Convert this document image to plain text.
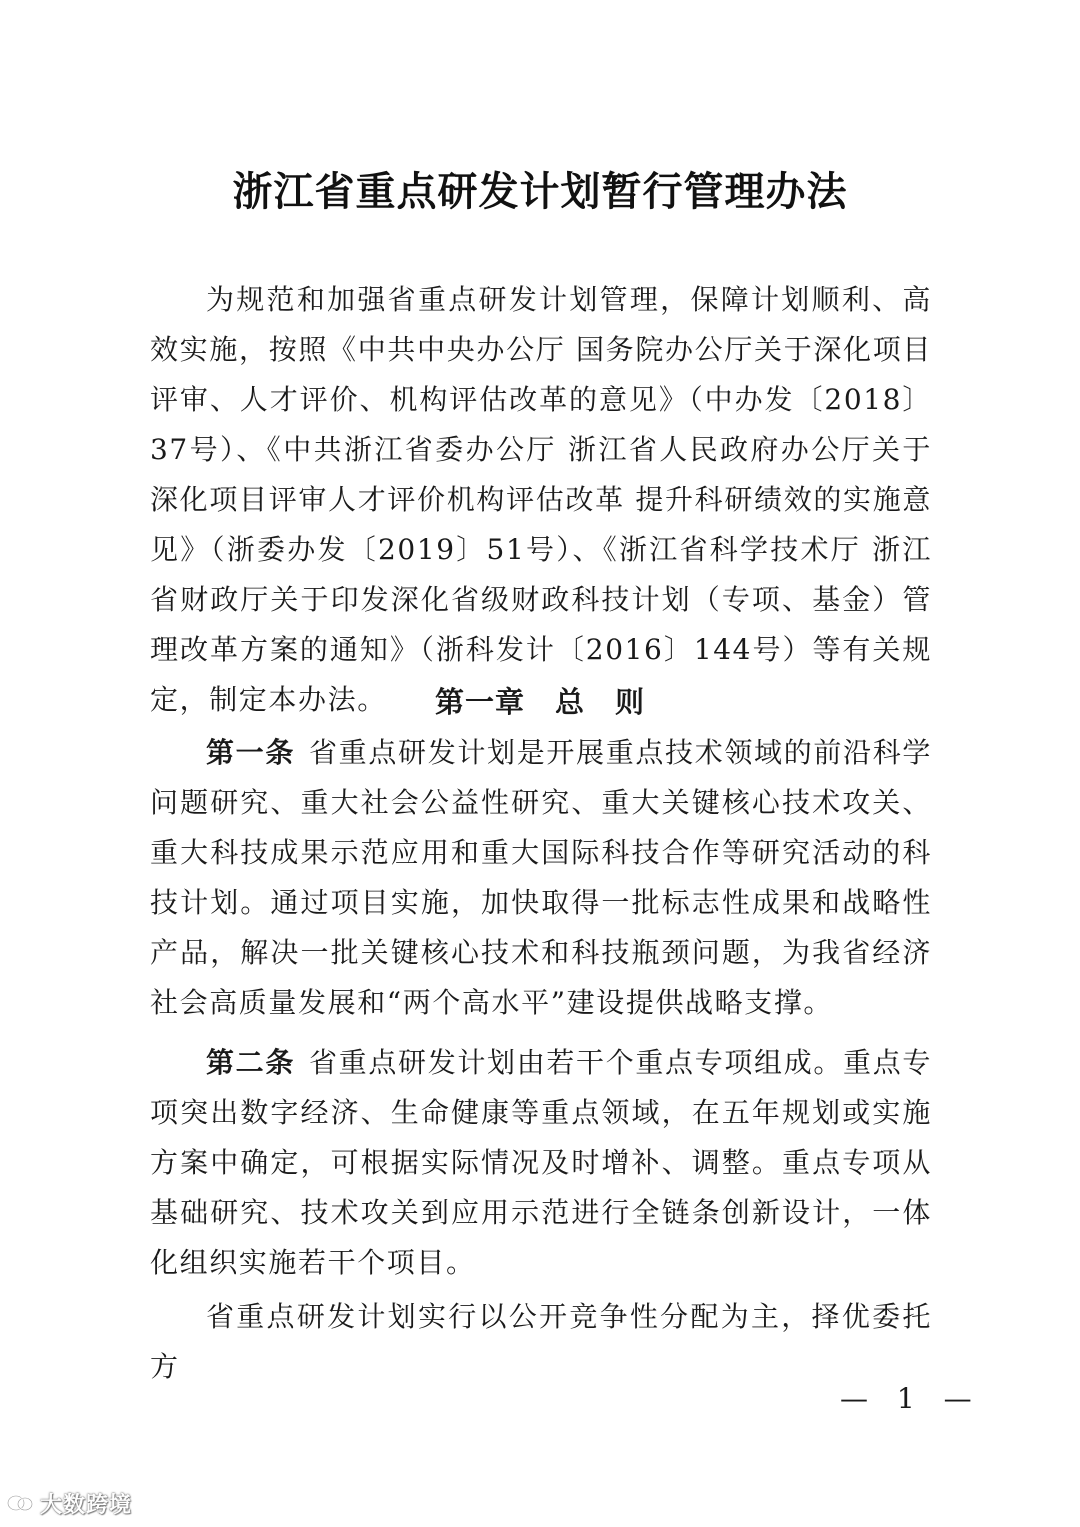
浙江省重点研发计划暂行管理办法

为规范和加强省重点研发计划管理，保障计划顺利、高效实施，按照《中共中央办公厅 国务院办公厅关于深化项目评审、人才评价、机构评估改革的意见》（中办发〔2018〕37号）、《中共浙江省委办公厅 浙江省人民政府办公厅关于深化项目评审人才评价机构评估改革 提升科研绩效的实施意见》（浙委办发〔2019〕51号）、《浙江省科学技术厅 浙江省财政厅关于印发深化省级财政科技计划（专项、基金）管理改革方案的通知》（浙科发计〔2016〕144号）等有关规定，制定本办法。	第一章　总　则

第一条 省重点研发计划是开展重点技术领域的前沿科学问题研究、重大社会公益性研究、重大关键核心技术攻关、重大科技成果示范应用和重大国际科技合作等研究活动的科技计划。通过项目实施，加快取得一批标志性成果和战略性产品，解决一批关键核心技术和科技瓶颈问题，为我省经济社会高质量发展和“两个高水平”建设提供战略支撑。

第二条 省重点研发计划由若干个重点专项组成。重点专项突出数字经济、生命健康等重点领域，在五年规划或实施方案中确定，可根据实际情况及时增补、调整。重点专项从基础研究、技术攻关到应用示范进行全链条创新设计，一体化组织实施若干个项目。

省重点研发计划实行以公开竞争性分配为主，择优委托方

— 1 —
大数跨境
